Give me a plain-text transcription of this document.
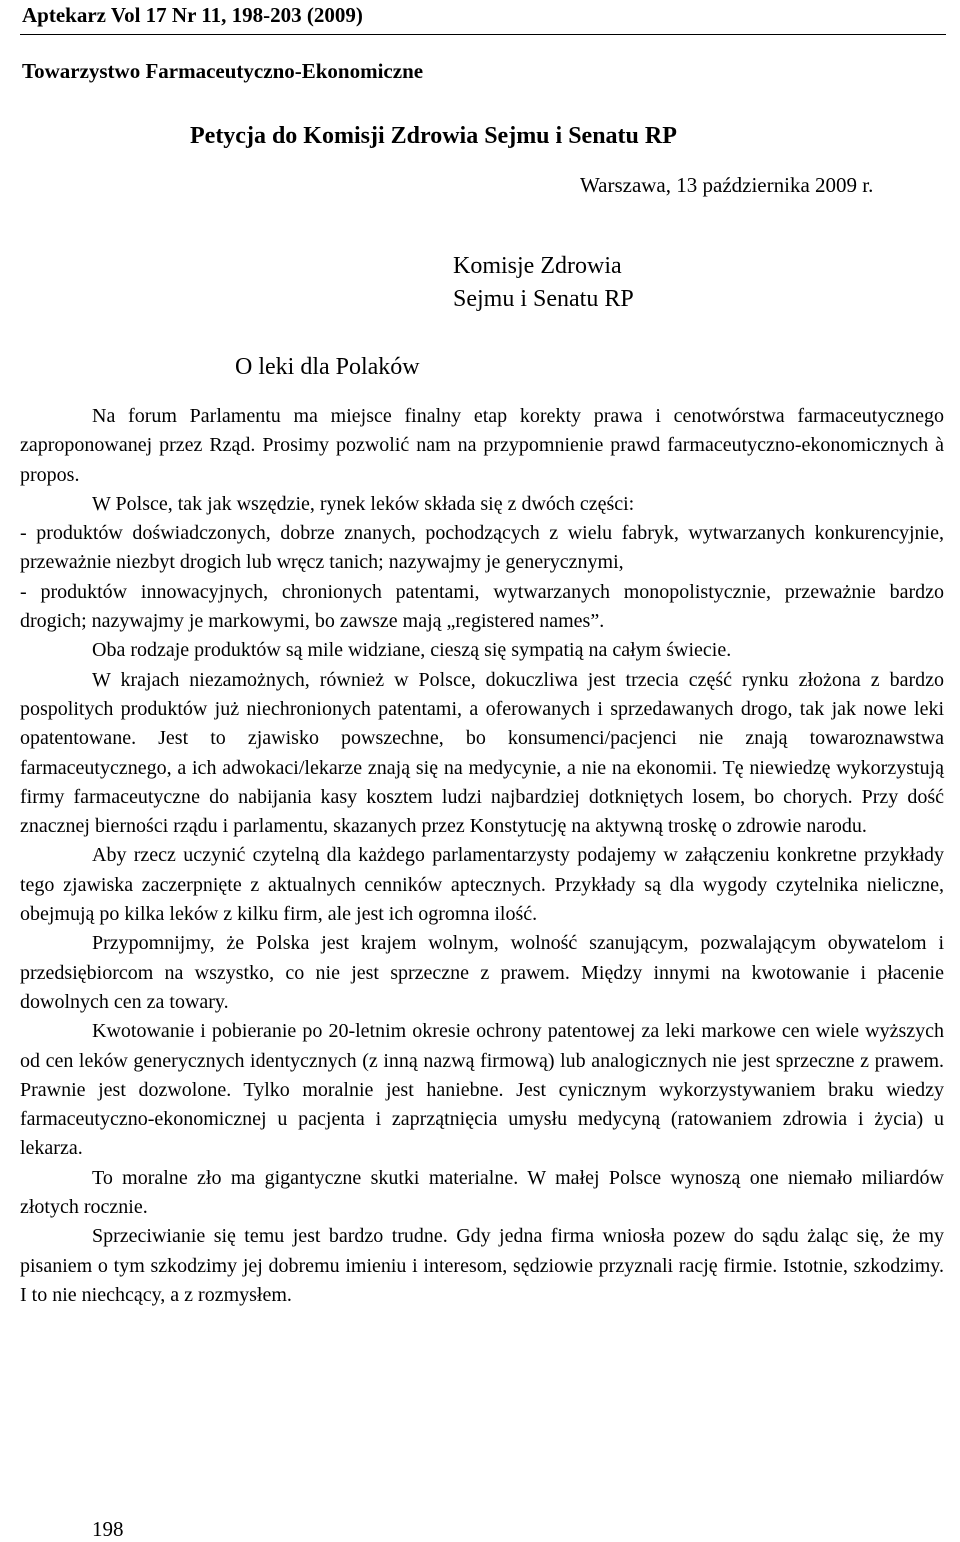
Aptekarz Vol 17 Nr 11, 198-203 (2009)
Towarzystwo Farmaceutyczno-Ekonomiczne
Petycja do Komisji Zdrowia Sejmu i Senatu RP
Warszawa, 13 października 2009 r.
Komisje Zdrowia
Sejmu i Senatu RP
O leki dla Polaków

Na forum Parlamentu ma miejsce finalny etap korekty prawa i cenotwórstwa farmaceutycznego zaproponowanej przez Rząd. Prosimy pozwolić nam na przypomnienie prawd farmaceutyczno-ekonomicznych à propos.

W Polsce, tak jak wszędzie, rynek leków składa się z dwóch części:

- produktów doświadczonych, dobrze znanych, pochodzących z wielu fabryk, wytwarzanych konkurencyjnie, przeważnie niezbyt drogich lub wręcz tanich; nazywajmy je generycznymi,

- produktów innowacyjnych, chronionych patentami, wytwarzanych monopolistycznie, przeważnie bardzo drogich; nazywajmy je markowymi, bo zawsze mają „registered names”.

Oba rodzaje produktów są mile widziane, cieszą się sympatią na całym świecie.

W krajach niezamożnych, również w Polsce, dokuczliwa jest trzecia część rynku złożona z bardzo pospolitych produktów już niechronionych patentami, a oferowanych i sprzedawanych drogo, tak jak nowe leki opatentowane. Jest to zjawisko powszechne, bo konsumenci/pacjenci nie znają towaroznawstwa farmaceutycznego, a ich adwokaci/lekarze znają się na medycynie, a nie na ekonomii. Tę niewiedzę wykorzystują firmy farmaceutyczne do nabijania kasy kosztem ludzi najbardziej dotkniętych losem, bo chorych. Przy dość znacznej bierności rządu i parlamentu, skazanych przez Konstytucję na aktywną troskę o zdrowie narodu.

Aby rzecz uczynić czytelną dla każdego parlamentarzysty podajemy w załączeniu konkretne przykłady tego zjawiska zaczerpnięte z aktualnych cenników aptecznych. Przykłady są dla wygody czytelnika nieliczne, obejmują po kilka leków z kilku firm, ale jest ich ogromna ilość.

Przypomnijmy, że Polska jest krajem wolnym, wolność szanującym, pozwalającym obywatelom i przedsiębiorcom na wszystko, co nie jest sprzeczne z prawem. Między innymi na kwotowanie i płacenie dowolnych cen za towary.

Kwotowanie i pobieranie po 20-letnim okresie ochrony patentowej za leki markowe cen wiele wyższych od cen leków generycznych identycznych (z inną nazwą firmową) lub analogicznych nie jest sprzeczne z prawem. Prawnie jest dozwolone. Tylko moralnie jest haniebne. Jest cynicznym wykorzystywaniem braku wiedzy farmaceutyczno-ekonomicznej u pacjenta i zaprzątnięcia umysłu medycyną (ratowaniem zdrowia i życia) u lekarza.

To moralne zło ma gigantyczne skutki materialne. W małej Polsce wynoszą one niemało miliardów złotych rocznie.

Sprzeciwianie się temu jest bardzo trudne. Gdy jedna firma wniosła pozew do sądu żaląc się, że my pisaniem o tym szkodzimy jej dobremu imieniu i interesom, sędziowie przyznali rację firmie. Istotnie, szkodzimy. I to nie niechcący, a z rozmysłem.

198
